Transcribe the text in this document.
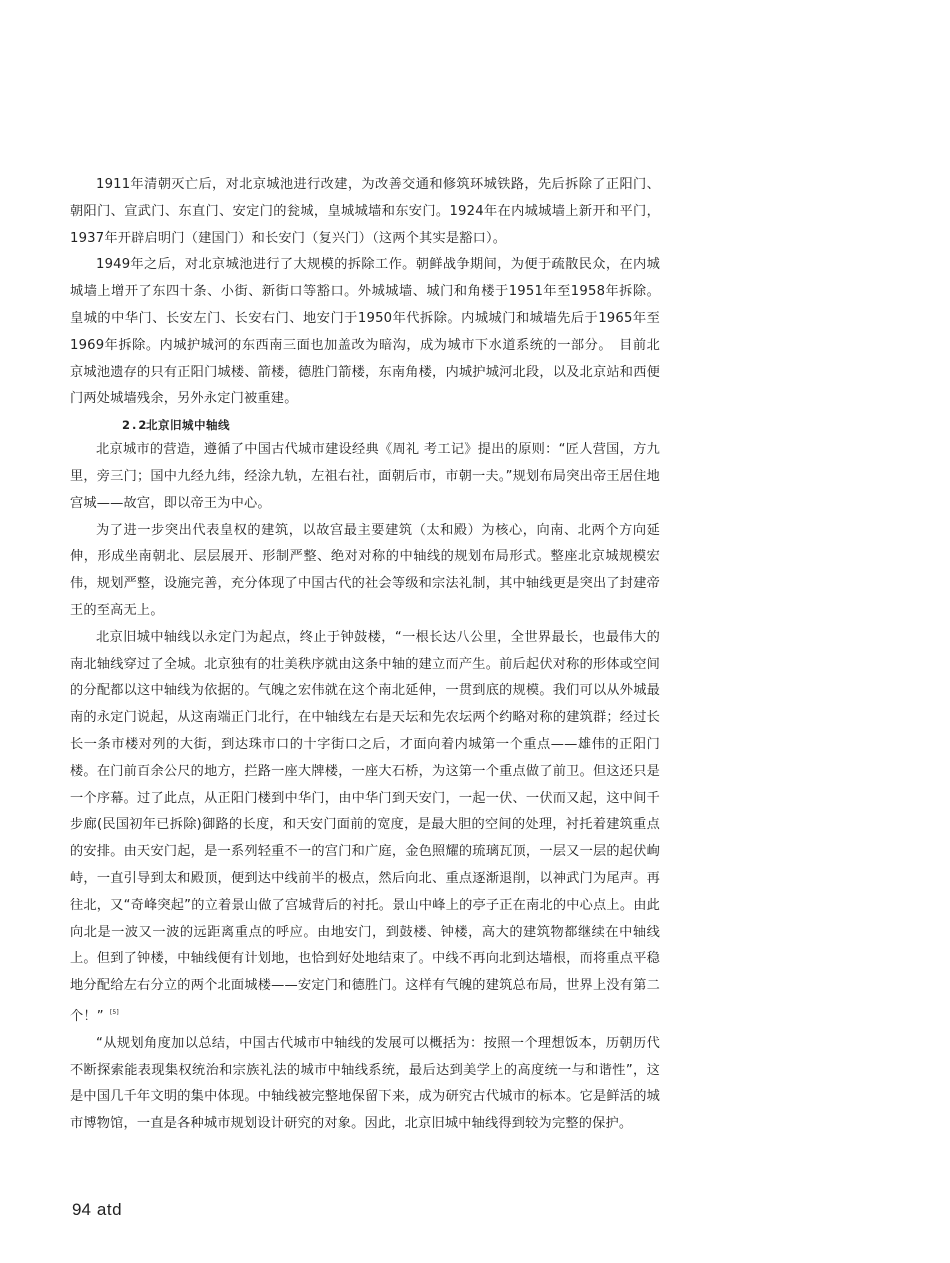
1911年清朝灭亡后，对北京城池进行改建，为改善交通和修筑环城铁路，先后拆除了正阳门、朝阳门、宣武门、东直门、安定门的瓮城，皇城城墙和东安门。1924年在内城城墙上新开和平门，1937年开辟启明门（建国门）和长安门（复兴门）（这两个其实是豁口）。

1949年之后，对北京城池进行了大规模的拆除工作。朝鲜战争期间，为便于疏散民众，在内城城墙上增开了东四十条、小街、新街口等豁口。外城城墙、城门和角楼于1951年至1958年拆除。皇城的中华门、长安左门、长安右门、地安门于1950年代拆除。内城城门和城墙先后于1965年至1969年拆除。内城护城河的东西南三面也加盖改为暗沟，成为城市下水道系统的一部分。　目前北京城池遗存的只有正阳门城楼、箭楼，德胜门箭楼，东南角楼，内城护城河北段，以及北京站和西便门两处城墙残余，另外永定门被重建。

2.2北京旧城中轴线

北京城市的营造，遵循了中国古代城市建设经典《周礼 考工记》提出的原则：“匠人营国，方九里，旁三门；国中九经九纬，经涂九轨，左祖右社，面朝后市，市朝一夫。”规划布局突出帝王居住地宫城——故宫，即以帝王为中心。

为了进一步突出代表皇权的建筑，以故宫最主要建筑（太和殿）为核心，向南、北两个方向延伸，形成坐南朝北、层层展开、形制严整、绝对对称的中轴线的规划布局形式。整座北京城规模宏伟，规划严整，设施完善，充分体现了中国古代的社会等级和宗法礼制，其中轴线更是突出了封建帝王的至高无上。

北京旧城中轴线以永定门为起点，终止于钟鼓楼，“一根长达八公里，全世界最长，也最伟大的南北轴线穿过了全城。北京独有的壮美秩序就由这条中轴的建立而产生。前后起伏对称的形体或空间的分配都以这中轴线为依据的。气魄之宏伟就在这个南北延伸，一贯到底的规模。我们可以从外城最南的永定门说起，从这南端正门北行，在中轴线左右是天坛和先农坛两个约略对称的建筑群；经过长长一条市楼对列的大街，到达珠市口的十字街口之后，才面向着内城第一个重点——雄伟的正阳门楼。在门前百余公尺的地方，拦路一座大牌楼，一座大石桥，为这第一个重点做了前卫。但这还只是一个序幕。过了此点，从正阳门楼到中华门，由中华门到天安门，一起一伏、一伏而又起，这中间千步廊(民国初年已拆除)御路的长度，和天安门面前的宽度，是最大胆的空间的处理，衬托着建筑重点的安排。由天安门起，是一系列轻重不一的宫门和广庭，金色照耀的琉璃瓦顶，一层又一层的起伏峋峙，一直引导到太和殿顶，便到达中线前半的极点，然后向北、重点逐渐退削，以神武门为尾声。再往北，又“奇峰突起”的立着景山做了宫城背后的衬托。景山中峰上的亭子正在南北的中心点上。由此向北是一波又一波的远距离重点的呼应。由地安门，到鼓楼、钟楼，高大的建筑物都继续在中轴线上。但到了钟楼，中轴线便有计划地，也恰到好处地结束了。中线不再向北到达墙根，而将重点平稳地分配给左右分立的两个北面城楼——安定门和德胜门。这样有气魄的建筑总布局，世界上没有第二个！” [5]

“从规划角度加以总结，中国古代城市中轴线的发展可以概括为：按照一个理想饭本，历朝历代不断探索能表现集权统治和宗族礼法的城市中轴线系统，最后达到美学上的高度统一与和谐性”，这是中国几千年文明的集中体现。中轴线被完整地保留下来，成为研究古代城市的标本。它是鲜活的城市博物馆，一直是各种城市规划设计研究的对象。因此，北京旧城中轴线得到较为完整的保护。

94 atd
